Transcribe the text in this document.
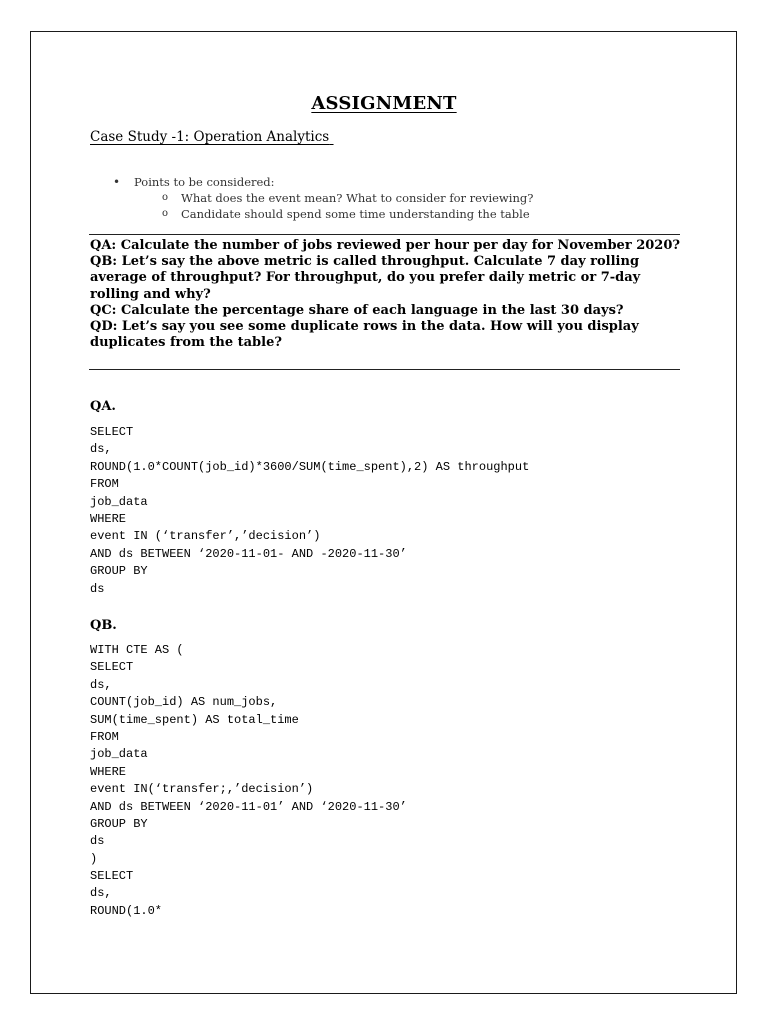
ASSIGNMENT
Case Study -1: Operation Analytics
• Points to be considered:
o What does the event mean? What to consider for reviewing?
o Candidate should spend some time understanding the table
QA: Calculate the number of jobs reviewed per hour per day for November 2020?
QB: Let’s say the above metric is called throughput. Calculate 7 day rolling average of throughput? For throughput, do you prefer daily metric or 7-day rolling and why?
QC: Calculate the percentage share of each language in the last 30 days?
QD: Let’s say you see some duplicate rows in the data. How will you display duplicates from the table?
QA.
SELECT
ds,
ROUND(1.0*COUNT(job_id)*3600/SUM(time_spent),2) AS throughput
FROM
job_data
WHERE
event IN (‘transfer’,’decision’)
AND ds BETWEEN ‘2020-11-01- AND -2020-11-30’
GROUP BY
ds
QB.
WITH CTE AS (
SELECT
ds,
COUNT(job_id) AS num_jobs,
SUM(time_spent) AS total_time
FROM
job_data
WHERE
event IN(‘transfer;,’decision’)
AND ds BETWEEN ‘2020-11-01’ AND ‘2020-11-30’
GROUP BY
ds
)
SELECT
ds,
ROUND(1.0*
